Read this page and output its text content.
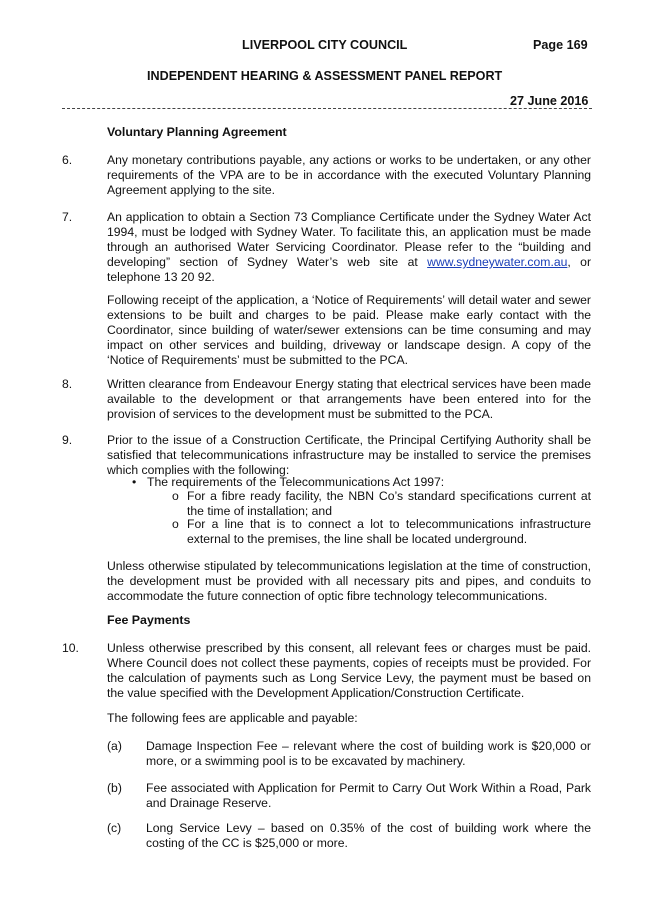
LIVERPOOL CITY COUNCIL	Page 169
INDEPENDENT HEARING & ASSESSMENT PANEL REPORT
27 June 2016
Voluntary Planning Agreement
6.	Any monetary contributions payable, any actions or works to be undertaken, or any other requirements of the VPA are to be in accordance with the executed Voluntary Planning Agreement applying to the site.
7.	An application to obtain a Section 73 Compliance Certificate under the Sydney Water Act 1994, must be lodged with Sydney Water. To facilitate this, an application must be made through an authorised Water Servicing Coordinator. Please refer to the “building and developing” section of Sydney Water’s web site at www.sydneywater.com.au, or telephone 13 20 92.
Following receipt of the application, a ‘Notice of Requirements’ will detail water and sewer extensions to be built and charges to be paid. Please make early contact with the Coordinator, since building of water/sewer extensions can be time consuming and may impact on other services and building, driveway or landscape design. A copy of the ‘Notice of Requirements’ must be submitted to the PCA.
8.	Written clearance from Endeavour Energy stating that electrical services have been made available to the development or that arrangements have been entered into for the provision of services to the development must be submitted to the PCA.
9.	Prior to the issue of a Construction Certificate, the Principal Certifying Authority shall be satisfied that telecommunications infrastructure may be installed to service the premises which complies with the following:
• The requirements of the Telecommunications Act 1997:
o For a fibre ready facility, the NBN Co’s standard specifications current at the time of installation; and
o For a line that is to connect a lot to telecommunications infrastructure external to the premises, the line shall be located underground.
Unless otherwise stipulated by telecommunications legislation at the time of construction, the development must be provided with all necessary pits and pipes, and conduits to accommodate the future connection of optic fibre technology telecommunications.
Fee Payments
10.	Unless otherwise prescribed by this consent, all relevant fees or charges must be paid. Where Council does not collect these payments, copies of receipts must be provided. For the calculation of payments such as Long Service Levy, the payment must be based on the value specified with the Development Application/Construction Certificate.
The following fees are applicable and payable:
(a)	Damage Inspection Fee – relevant where the cost of building work is $20,000 or more, or a swimming pool is to be excavated by machinery.
(b)	Fee associated with Application for Permit to Carry Out Work Within a Road, Park and Drainage Reserve.
(c)	Long Service Levy – based on 0.35% of the cost of building work where the costing of the CC is $25,000 or more.
